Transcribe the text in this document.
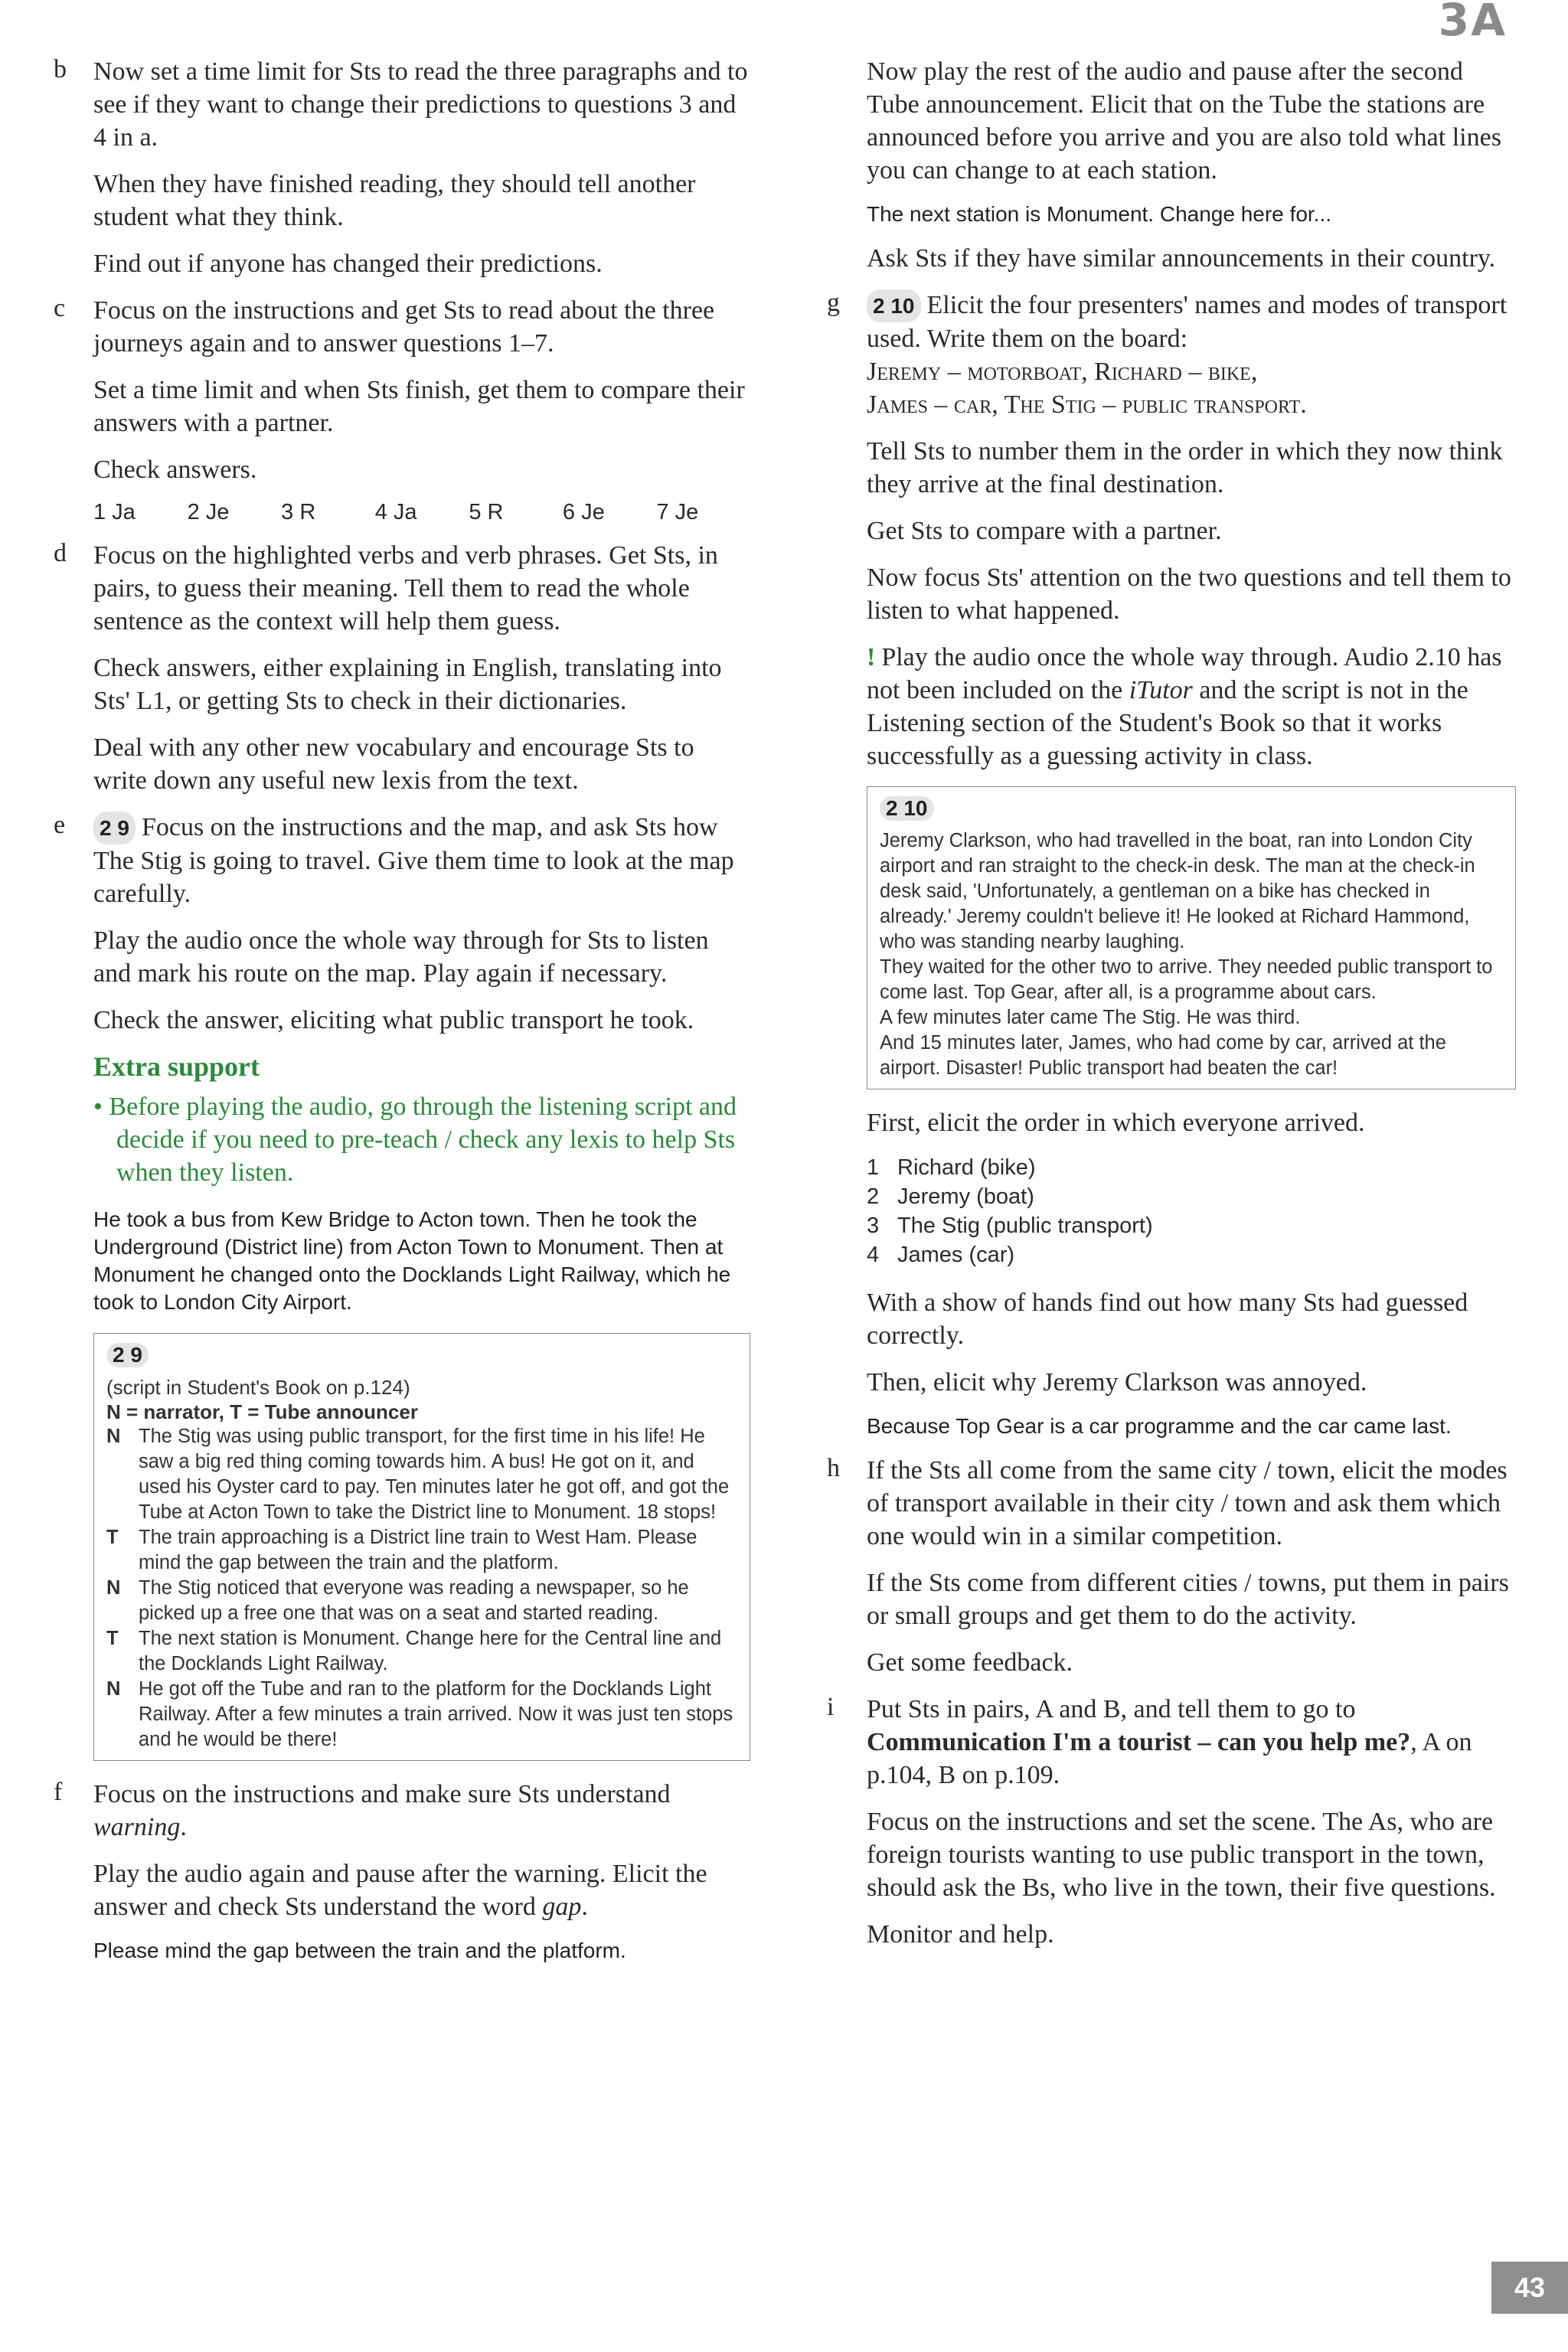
3A
b Now set a time limit for Sts to read the three paragraphs and to see if they want to change their predictions to questions 3 and 4 in a.

When they have finished reading, they should tell another student what they think.

Find out if anyone has changed their predictions.

c Focus on the instructions and get Sts to read about the three journeys again and to answer questions 1–7.

Set a time limit and when Sts finish, get them to compare their answers with a partner.

Check answers.

1 Ja	2 Je	3 R	4 Ja	5 R	6 Je	7 Je
d Focus on the highlighted verbs and verb phrases. Get Sts, in pairs, to guess their meaning. Tell them to read the whole sentence as the context will help them guess.

Check answers, either explaining in English, translating into Sts' L1, or getting Sts to check in their dictionaries.

Deal with any other new vocabulary and encourage Sts to write down any useful new lexis from the text.

e 2 9 Focus on the instructions and the map, and ask Sts how The Stig is going to travel. Give them time to look at the map carefully.

Play the audio once the whole way through for Sts to listen and mark his route on the map. Play again if necessary.

Check the answer, eliciting what public transport he took.

Extra support

• Before playing the audio, go through the listening script and decide if you need to pre-teach / check any lexis to help Sts when they listen.

He took a bus from Kew Bridge to Acton town. Then he took the Underground (District line) from Acton Town to Monument. Then at Monument he changed onto the Docklands Light Railway, which he took to London City Airport.

2 9

(script in Student's Book on p.124)

N = narrator, T = Tube announcer

N The Stig was using public transport, for the first time in his life! He saw a big red thing coming towards him. A bus! He got on it, and used his Oyster card to pay. Ten minutes later he got off, and got the Tube at Acton Town to take the District line to Monument. 18 stops!

T The train approaching is a District line train to West Ham. Please mind the gap between the train and the platform.

N The Stig noticed that everyone was reading a newspaper, so he picked up a free one that was on a seat and started reading.

T The next station is Monument. Change here for the Central line and the Docklands Light Railway.

N He got off the Tube and ran to the platform for the Docklands Light Railway. After a few minutes a train arrived. Now it was just ten stops and he would be there!

f Focus on the instructions and make sure Sts understand warning.

Play the audio again and pause after the warning. Elicit the answer and check Sts understand the word gap.

Please mind the gap between the train and the platform.

Now play the rest of the audio and pause after the second Tube announcement. Elicit that on the Tube the stations are announced before you arrive and you are also told what lines you can change to at each station.

The next station is Monument. Change here for...

Ask Sts if they have similar announcements in their country.

g 2 10 Elicit the four presenters' names and modes of transport used. Write them on the board:
Jeremy – motorboat, Richard – bike,
James – car, The Stig – public transport.

Tell Sts to number them in the order in which they now think they arrive at the final destination.

Get Sts to compare with a partner.

Now focus Sts' attention on the two questions and tell them to listen to what happened.

! Play the audio once the whole way through. Audio 2.10 has not been included on the iTutor and the script is not in the Listening section of the Student's Book so that it works successfully as a guessing activity in class.

2 10

Jeremy Clarkson, who had travelled in the boat, ran into London City airport and ran straight to the check-in desk. The man at the check-in desk said, 'Unfortunately, a gentleman on a bike has checked in already.' Jeremy couldn't believe it! He looked at Richard Hammond, who was standing nearby laughing.

They waited for the other two to arrive. They needed public transport to come last. Top Gear, after all, is a programme about cars.

A few minutes later came The Stig. He was third.

And 15 minutes later, James, who had come by car, arrived at the airport. Disaster! Public transport had beaten the car!

First, elicit the order in which everyone arrived.

1 Richard (bike)
2 Jeremy (boat)
3 The Stig (public transport)
4 James (car)

With a show of hands find out how many Sts had guessed correctly.

Then, elicit why Jeremy Clarkson was annoyed.

Because Top Gear is a car programme and the car came last.

h If the Sts all come from the same city / town, elicit the modes of transport available in their city / town and ask them which one would win in a similar competition.

If the Sts come from different cities / towns, put them in pairs or small groups and get them to do the activity.

Get some feedback.

i Put Sts in pairs, A and B, and tell them to go to Communication I'm a tourist – can you help me?, A on p.104, B on p.109.

Focus on the instructions and set the scene. The As, who are foreign tourists wanting to use public transport in the town, should ask the Bs, who live in the town, their five questions.

Monitor and help.

43
